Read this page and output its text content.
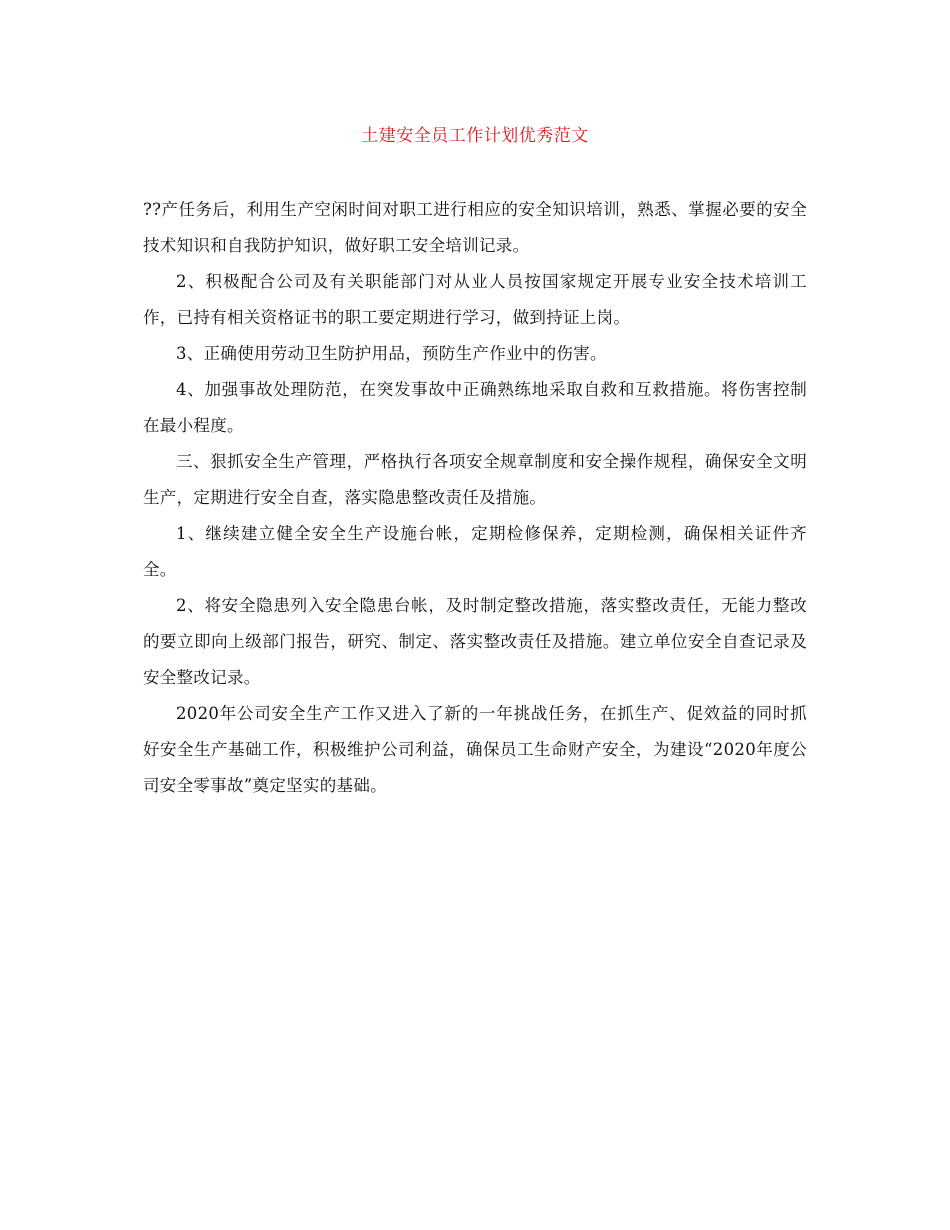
土建安全员工作计划优秀范文

??产任务后，利用生产空闲时间对职工进行相应的安全知识培训，熟悉、掌握必要的安全技术知识和自我防护知识，做好职工安全培训记录。

2、积极配合公司及有关职能部门对从业人员按国家规定开展专业安全技术培训工作，已持有相关资格证书的职工要定期进行学习，做到持证上岗。

3、正确使用劳动卫生防护用品，预防生产作业中的伤害。

4、加强事故处理防范，在突发事故中正确熟练地采取自救和互救措施。将伤害控制在最小程度。

三、狠抓安全生产管理，严格执行各项安全规章制度和安全操作规程，确保安全文明生产，定期进行安全自查，落实隐患整改责任及措施。

1、继续建立健全安全生产设施台帐，定期检修保养，定期检测，确保相关证件齐全。

2、将安全隐患列入安全隐患台帐，及时制定整改措施，落实整改责任，无能力整改的要立即向上级部门报告，研究、制定、落实整改责任及措施。建立单位安全自查记录及安全整改记录。

2020年公司安全生产工作又进入了新的一年挑战任务，在抓生产、促效益的同时抓好安全生产基础工作，积极维护公司利益，确保员工生命财产安全，为建设“2020年度公司安全零事故”奠定坚实的基础。
